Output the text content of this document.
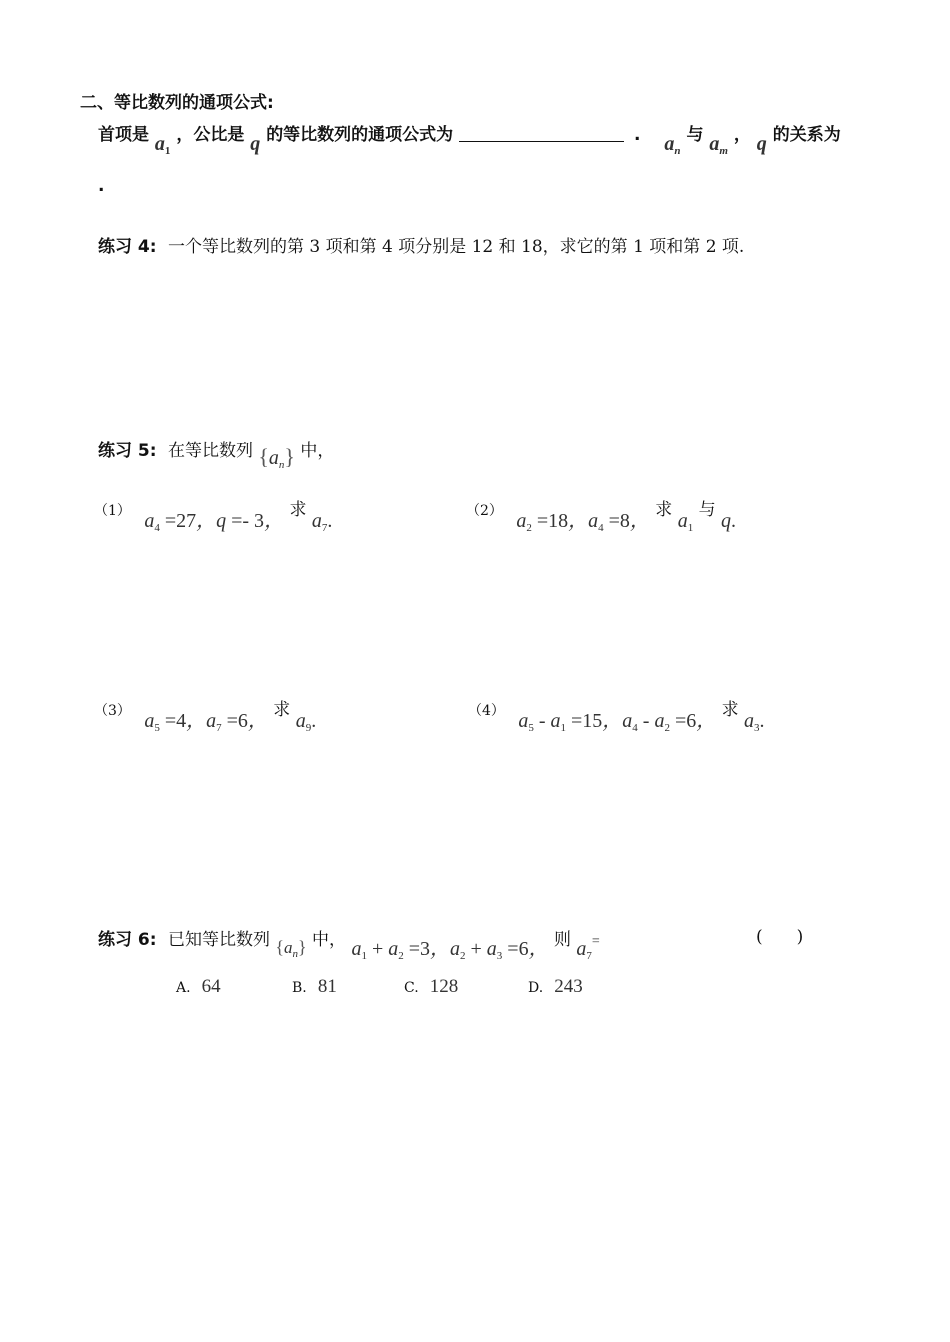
二、等比数列的通项公式:
首项是 $a_1$ ，公比是 q 的等比数列的通项公式为	. $a_n$ 与 $a_m$ ， q 的关系为
.
练习 4: 一个等比数列的第 3 项和第 4 项分别是 12 和 18，求它的第 1 项和第 2 项.
练习 5: 在等比数列 $\{a_n\}$ 中，
（1） $a_4 =27$，q =- 3， 求 $a_7$.	（2） $a_2 =18$，$a_4 =8$， 求 $a_1$ 与 q.
（3） $a_5 =4$，$a_7 =6$， 求 $a_9$.	（4） $a_5 - a_1 =15$，$a_4 - a_2 =6$， 求 $a_3$.
练习 6: 已知等比数列 $\{a_n\}$ 中， $a_1 + a_2 =3$，$a_2 + a_3 =6$， 则 $a_7^=$	(　　)
A. 64	B. 81	C. 128	D. 243
